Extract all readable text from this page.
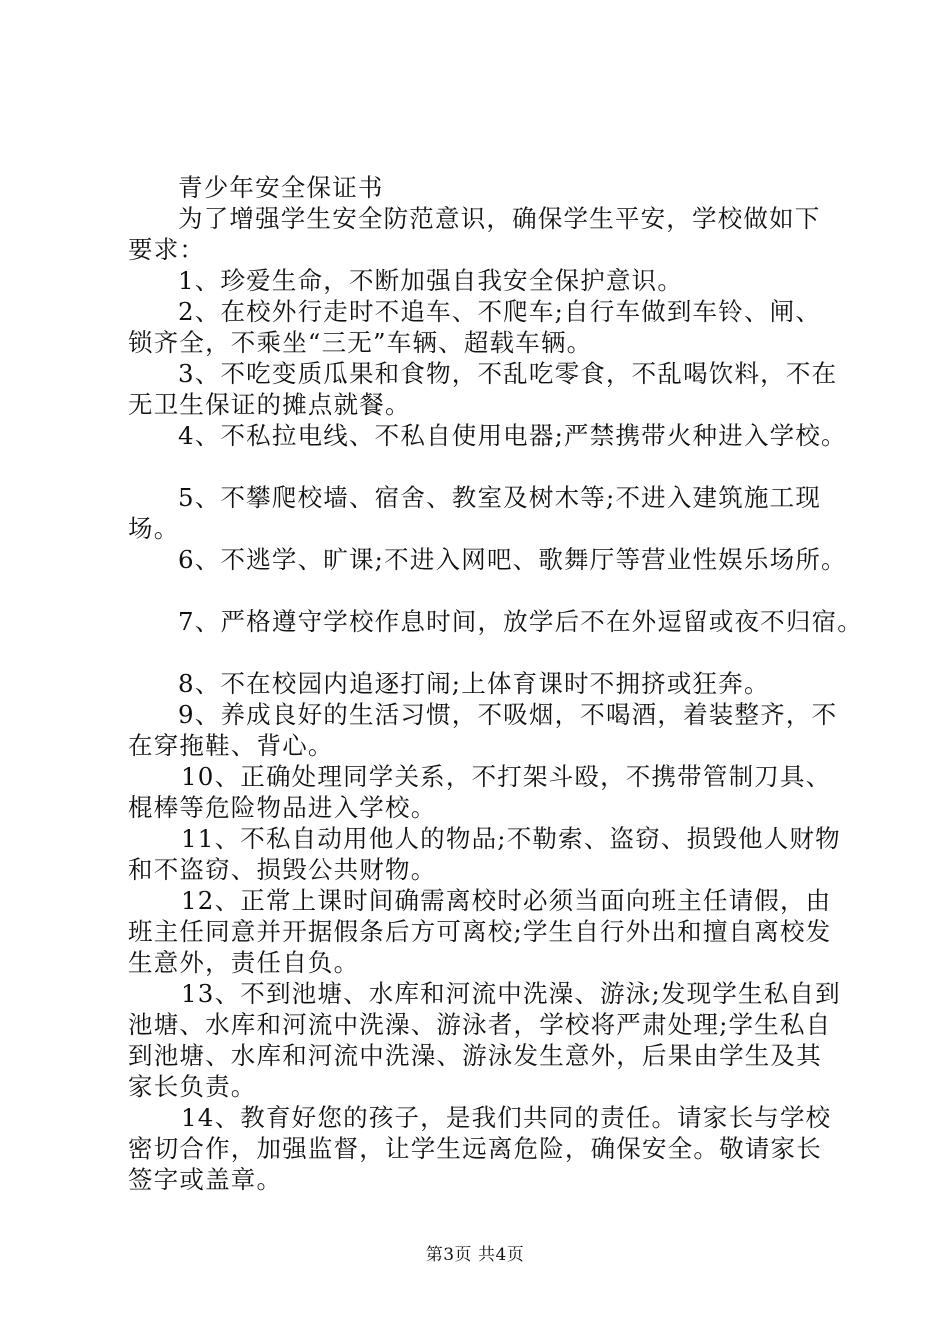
青少年安全保证书
为了增强学生安全防范意识，确保学生平安，学校做如下
要求：
1、珍爱生命，不断加强自我安全保护意识。
2、在校外行走时不追车、不爬车;自行车做到车铃、闸、
锁齐全，不乘坐“三无”车辆、超载车辆。
3、不吃变质瓜果和食物，不乱吃零食，不乱喝饮料，不在
无卫生保证的摊点就餐。
4、不私拉电线、不私自使用电器;严禁携带火种进入学校。
5、不攀爬校墙、宿舍、教室及树木等;不进入建筑施工现
场。
6、不逃学、旷课;不进入网吧、歌舞厅等营业性娱乐场所。
7、严格遵守学校作息时间，放学后不在外逗留或夜不归宿。
8、不在校园内追逐打闹;上体育课时不拥挤或狂奔。
9、养成良好的生活习惯，不吸烟，不喝酒，着装整齐，不
在穿拖鞋、背心。
10、正确处理同学关系，不打架斗殴，不携带管制刀具、
棍棒等危险物品进入学校。
11、不私自动用他人的物品;不勒索、盗窃、损毁他人财物
和不盗窃、损毁公共财物。
12、正常上课时间确需离校时必须当面向班主任请假，由
班主任同意并开据假条后方可离校;学生自行外出和擅自离校发
生意外，责任自负。
13、不到池塘、水库和河流中洗澡、游泳;发现学生私自到
池塘、水库和河流中洗澡、游泳者，学校将严肃处理;学生私自
到池塘、水库和河流中洗澡、游泳发生意外，后果由学生及其
家长负责。
14、教育好您的孩子，是我们共同的责任。请家长与学校
密切合作，加强监督，让学生远离危险，确保安全。敬请家长
签字或盖章。
第3页 共4页
